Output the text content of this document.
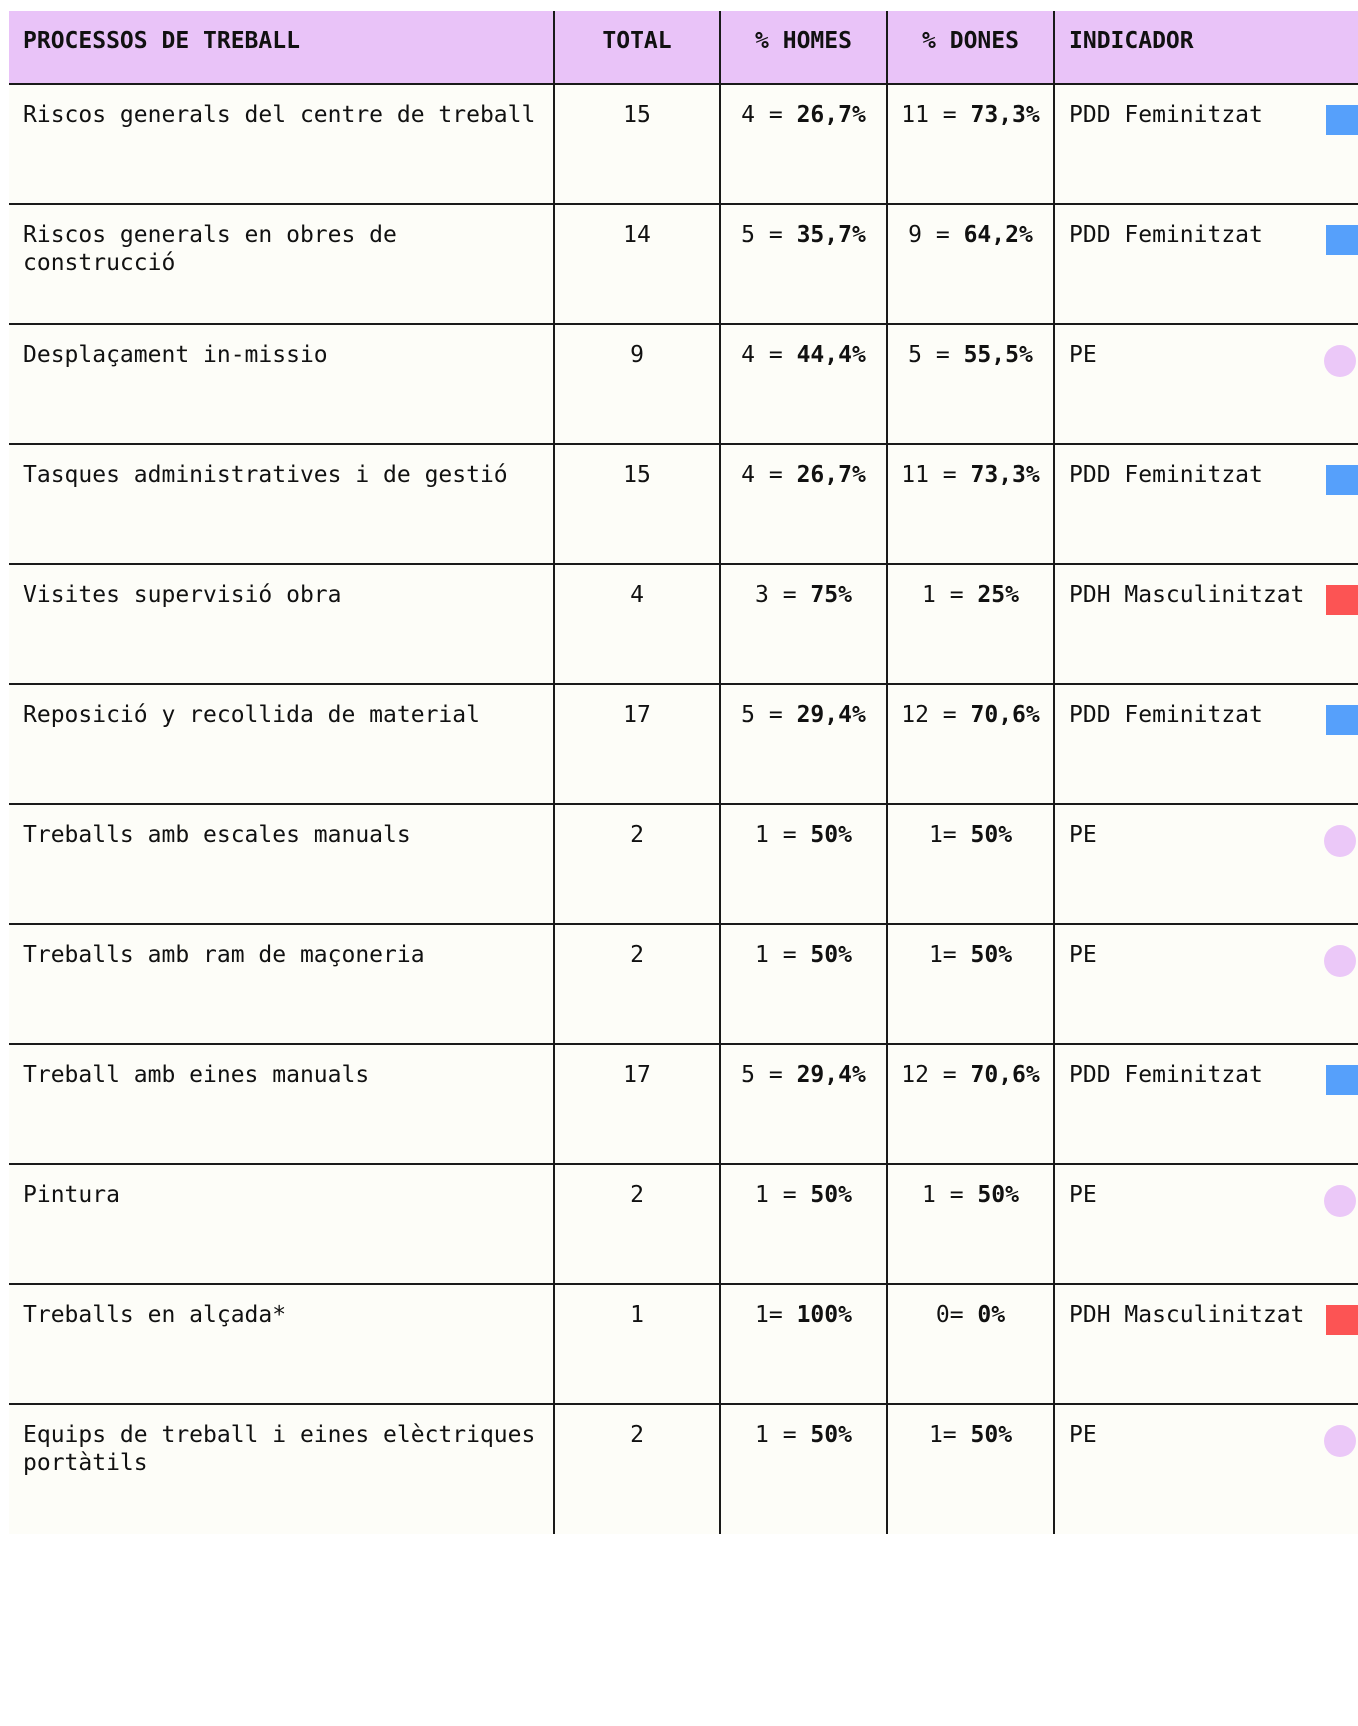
PROCESSOS DE TREBALL	TOTAL	% HOMES	% DONES	INDICADOR
Riscos generals del centre de treball	15	4 = 26,7%	11 = 73,3%	PDD Feminitzat

Riscos generals en obres de construcció	14	5 = 35,7%	9 = 64,2%	PDD Feminitzat

Desplaçament in-missio	9	4 = 44,4%	5 = 55,5%	PE

Tasques administratives i de gestió	15	4 = 26,7%	11 = 73,3%	PDD Feminitzat

Visites supervisió obra	4	3 = 75%	1 = 25%	PDH Masculinitzat

Reposició y recollida de material	17	5 = 29,4%	12 = 70,6%	PDD Feminitzat

Treballs amb escales manuals	2	1 = 50%	1= 50%	PE

Treballs amb ram de maçoneria	2	1 = 50%	1= 50%	PE

Treball amb eines manuals	17	5 = 29,4%	12 = 70,6%	PDD Feminitzat

Pintura	2	1 = 50%	1 = 50%	PE

Treballs en alçada*	1	1= 100%	0= 0%	PDH Masculinitzat

Equips de treball i eines elèctriques portàtils	2	1 = 50%	1= 50%	PE
